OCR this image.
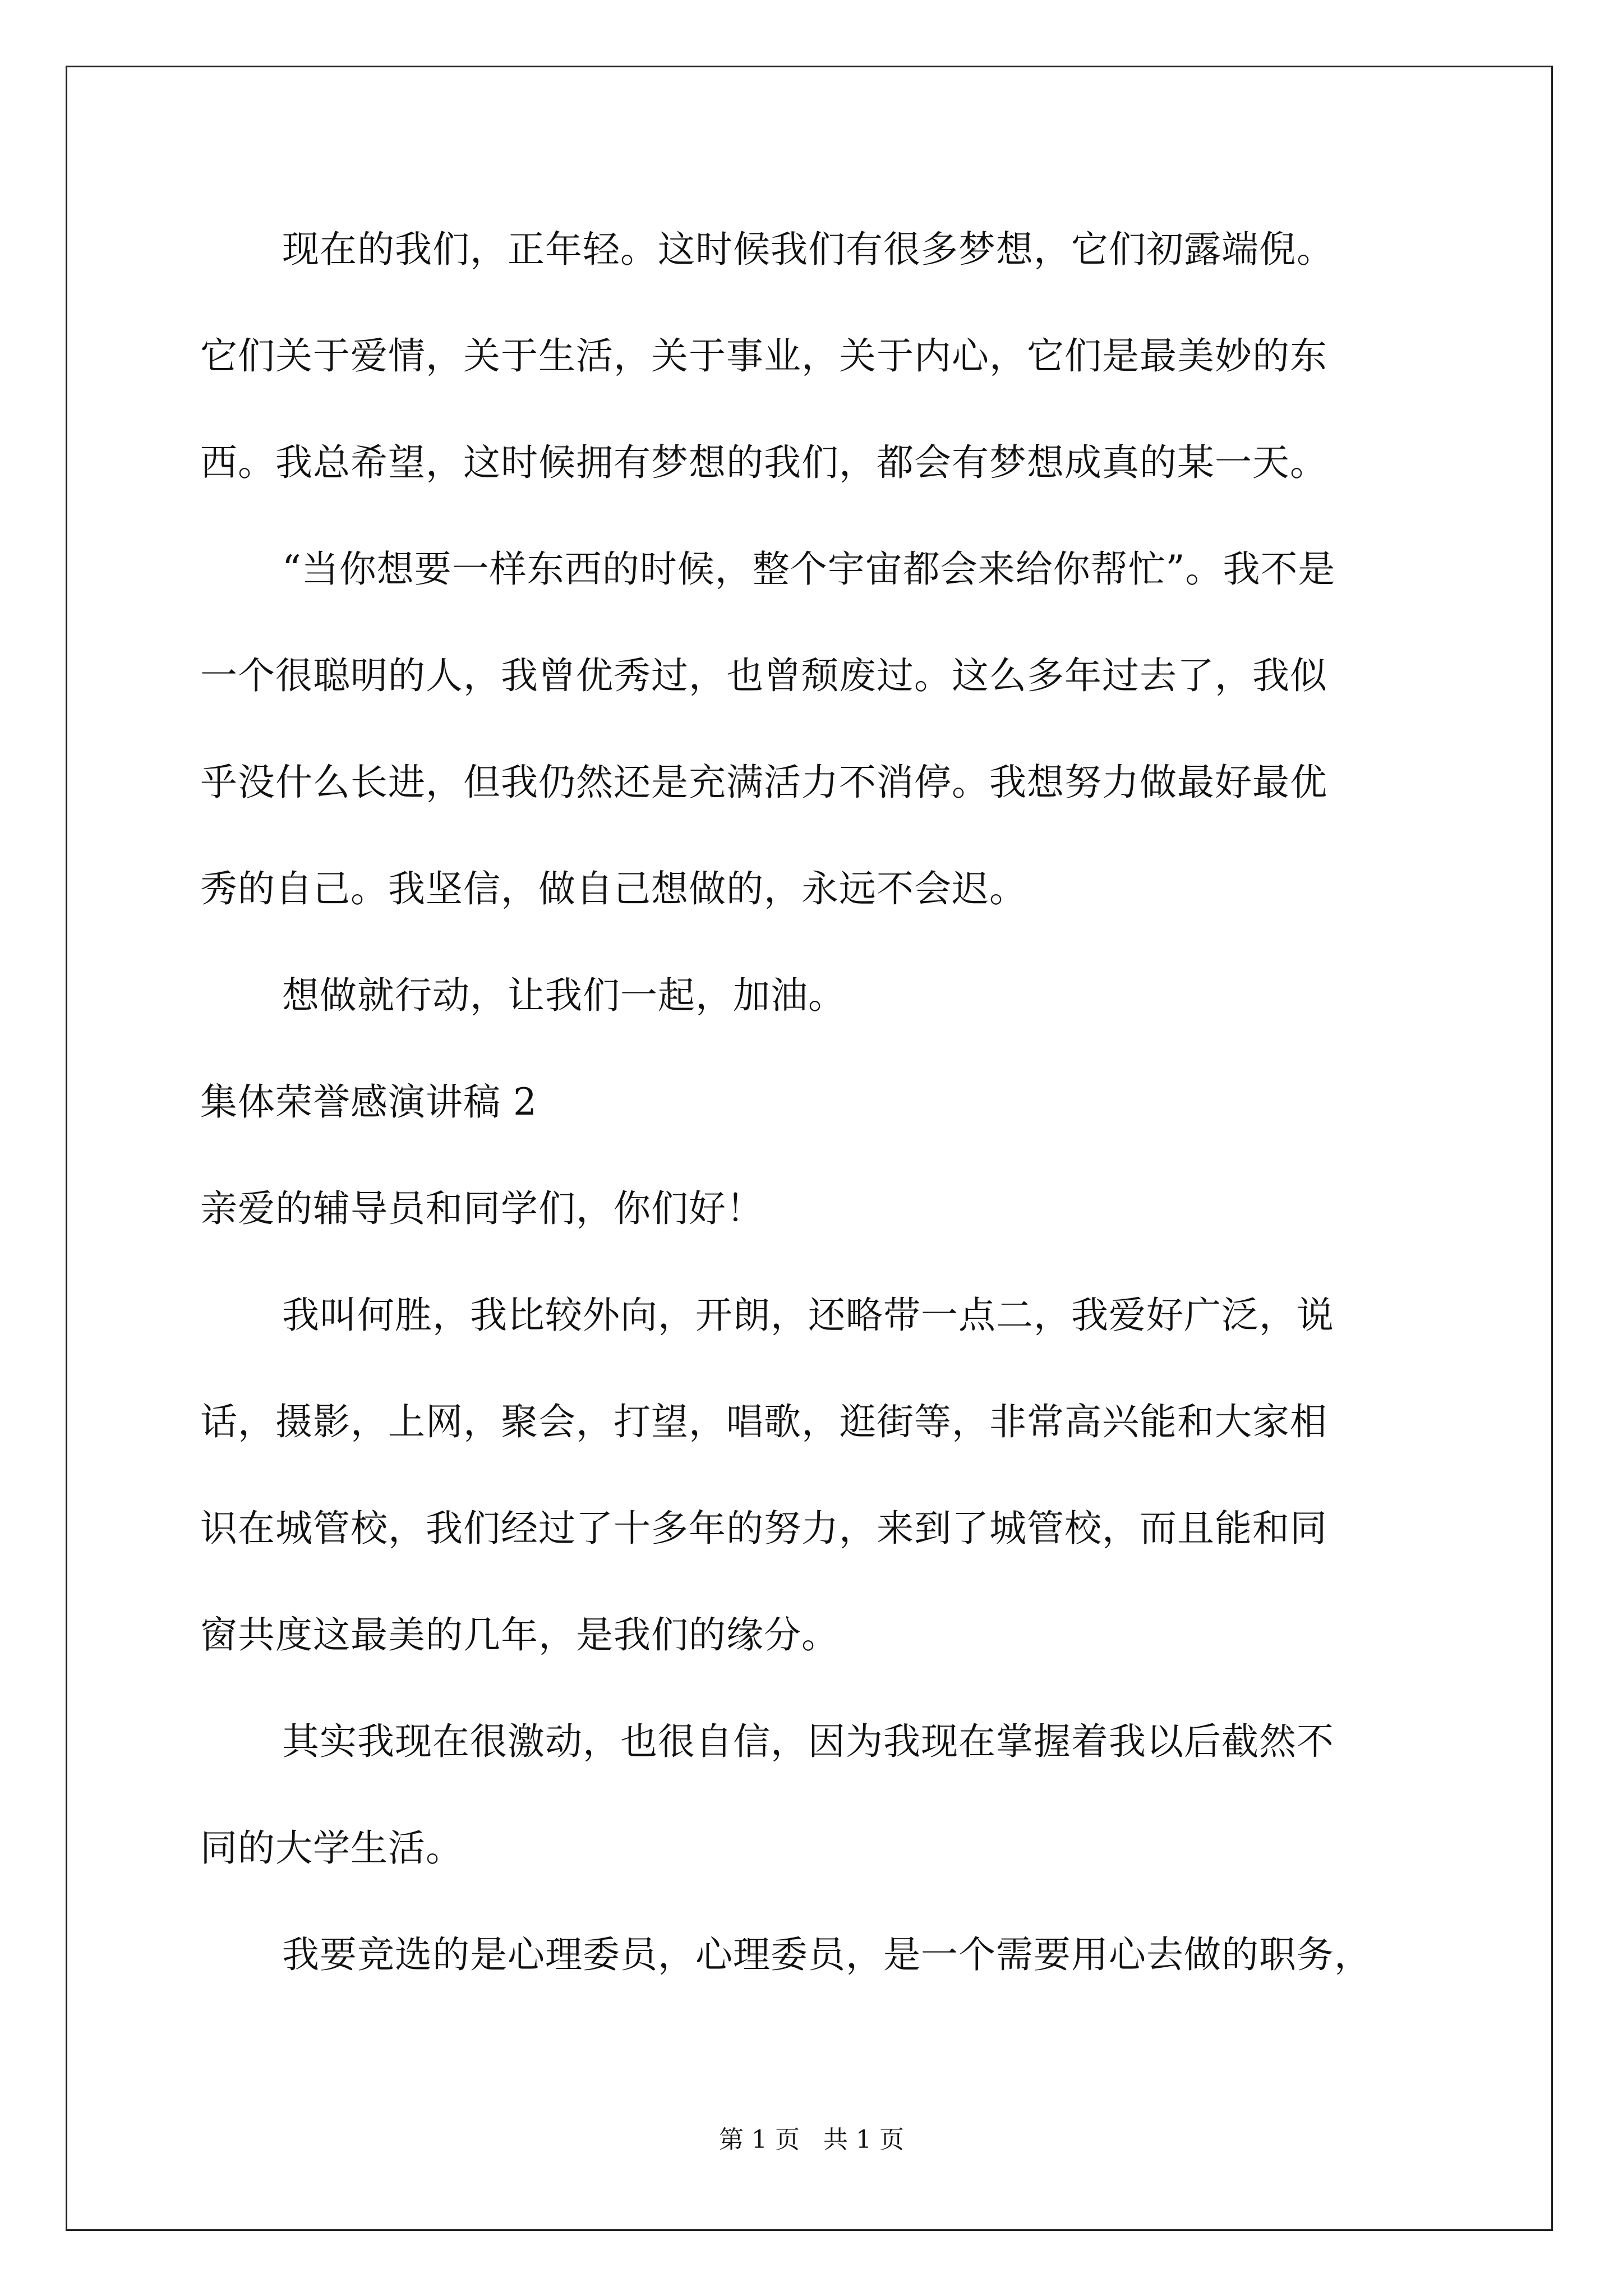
现在的我们，正年轻。这时候我们有很多梦想，它们初露端倪。
它们关于爱情，关于生活，关于事业，关于内心，它们是最美妙的东
西。我总希望，这时候拥有梦想的我们，都会有梦想成真的某一天。
“当你想要一样东西的时候，整个宇宙都会来给你帮忙”。我不是
一个很聪明的人，我曾优秀过，也曾颓废过。这么多年过去了，我似
乎没什么长进，但我仍然还是充满活力不消停。我想努力做最好最优
秀的自己。我坚信，做自己想做的，永远不会迟。
想做就行动，让我们一起，加油。
集体荣誉感演讲稿 2
亲爱的辅导员和同学们，你们好！
我叫何胜，我比较外向，开朗，还略带一点二，我爱好广泛，说
话，摄影，上网，聚会，打望，唱歌，逛街等，非常高兴能和大家相
识在城管校，我们经过了十多年的努力，来到了城管校，而且能和同
窗共度这最美的几年，是我们的缘分。
其实我现在很激动，也很自信，因为我现在掌握着我以后截然不
同的大学生活。
我要竞选的是心理委员，心理委员，是一个需要用心去做的职务，
第 1 页   共 1 页
